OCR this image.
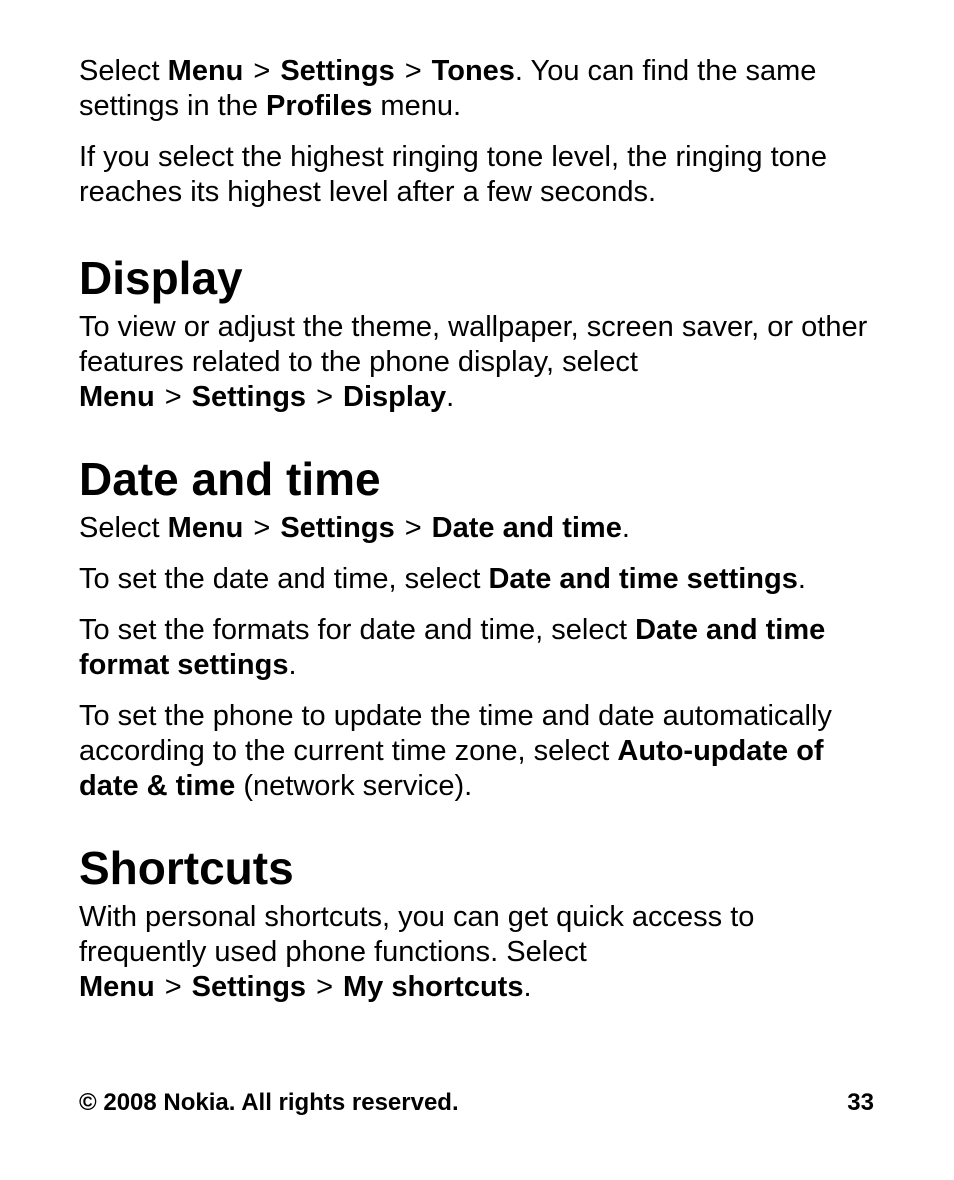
Select Menu > Settings > Tones. You can find the same settings in the Profiles menu.

If you select the highest ringing tone level, the ringing tone reaches its highest level after a few seconds.

Display

To view or adjust the theme, wallpaper, screen saver, or other features related to the phone display, select Menu > Settings > Display.

Date and time

Select Menu > Settings > Date and time.

To set the date and time, select Date and time settings.

To set the formats for date and time, select Date and time format settings.

To set the phone to update the time and date automatically according to the current time zone, select Auto-update of date & time (network service).

Shortcuts

With personal shortcuts, you can get quick access to frequently used phone functions. Select Menu > Settings > My shortcuts.

© 2008 Nokia. All rights reserved.	33
